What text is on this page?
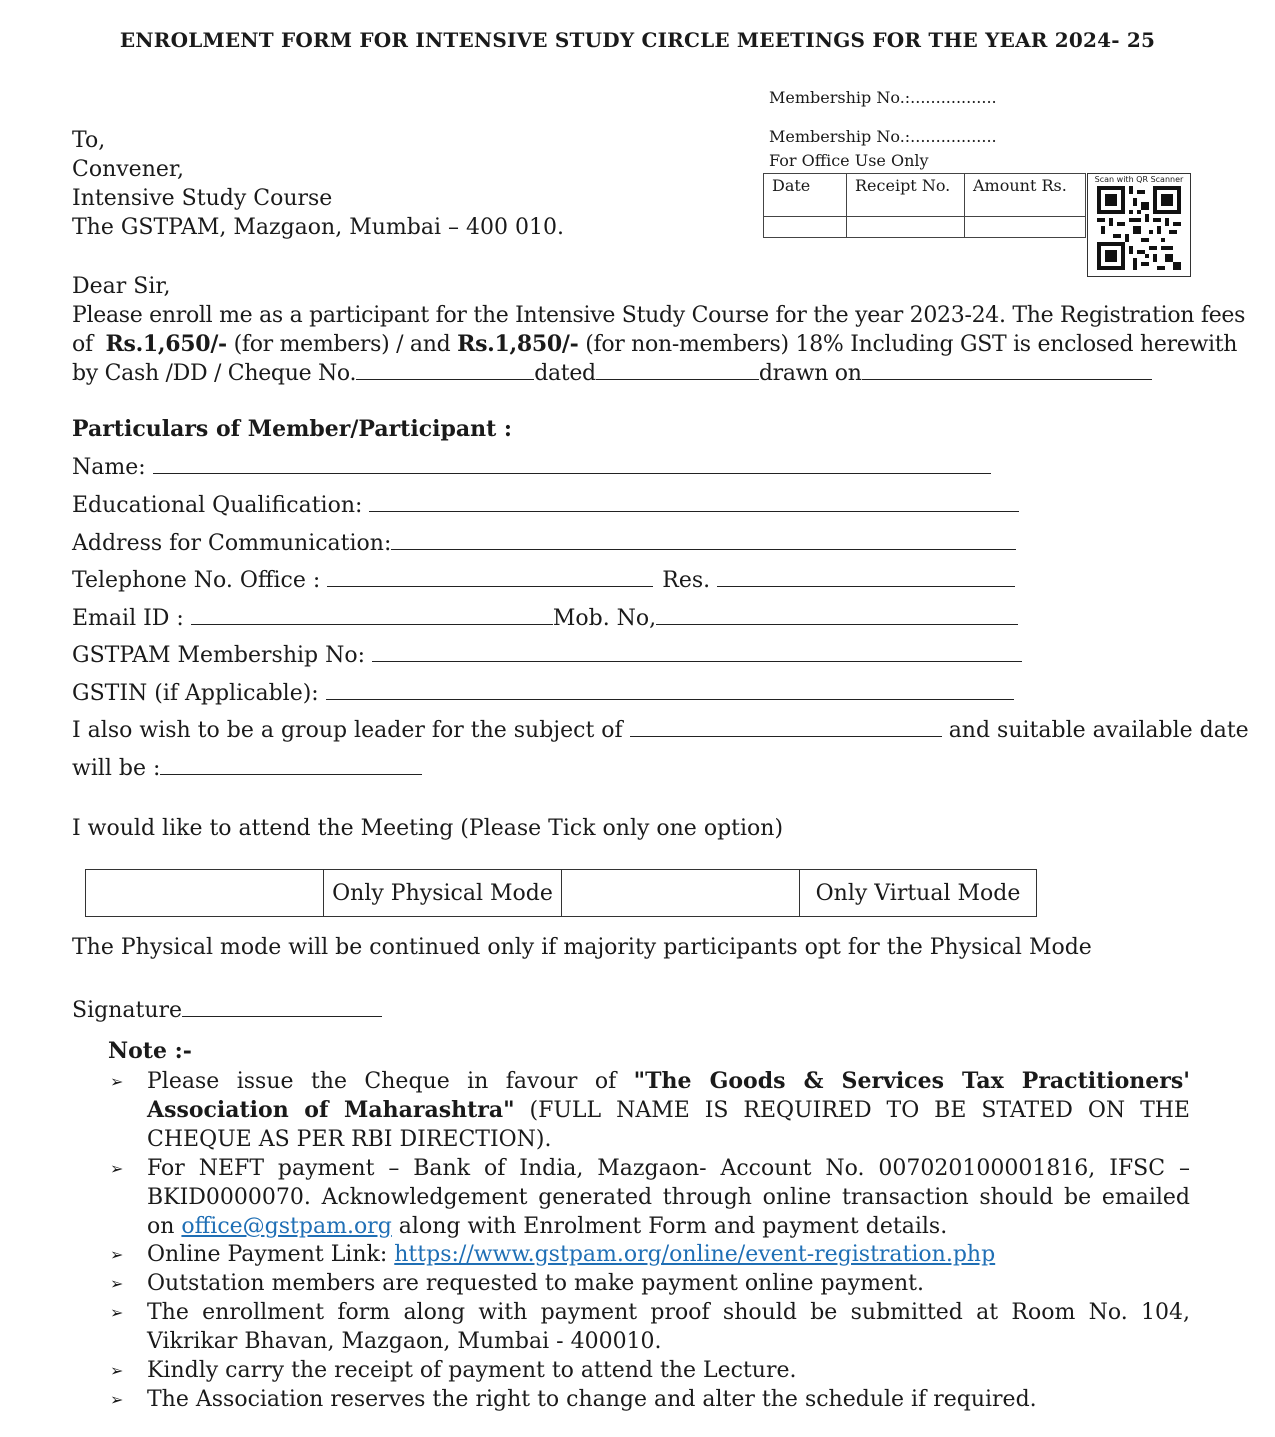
ENROLMENT FORM FOR INTENSIVE STUDY CIRCLE MEETINGS FOR THE YEAR 2024- 25
Membership No.:.................
Membership No.:.................
For Office Use Only
Date	Receipt No.	Amount Rs.
			Scan with QR Scanner
To,
Convener,
Intensive Study Course
The GSTPAM, Mazgaon, Mumbai – 400 010.
Dear Sir,
Please enroll me as a participant for the Intensive Study Course for the year 2023-24. The Registration fees
of Rs.1,650/- (for members) / and Rs.1,850/- (for non-members) 18% Including GST is enclosed herewith
by Cash /DD / Cheque No.	dated	drawn on
Particulars of Member/Participant :
Name:
Educational Qualification:
Address for Communication:
Telephone No. Office :	Res.
Email ID :	Mob. No,
GSTPAM Membership No:
GSTIN (if Applicable):
I also wish to be a group leader for the subject of	and suitable available date
will be :
I would like to attend the Meeting (Please Tick only one option)
Only Physical Mode	Only Virtual Mode
The Physical mode will be continued only if majority participants opt for the Physical Mode
Signature
Note :-
➢ Please issue the Cheque in favour of "The Goods & Services Tax Practitioners' Association of Maharashtra" (FULL NAME IS REQUIRED TO BE STATED ON THE CHEQUE AS PER RBI DIRECTION).
➢ For NEFT payment – Bank of India, Mazgaon- Account No. 007020100001816, IFSC – BKID0000070. Acknowledgement generated through online transaction should be emailed on office@gstpam.org along with Enrolment Form and payment details.
➢ Online Payment Link: https://www.gstpam.org/online/event-registration.php
➢ Outstation members are requested to make payment online payment.
➢ The enrollment form along with payment proof should be submitted at Room No. 104, Vikrikar Bhavan, Mazgaon, Mumbai - 400010.
➢ Kindly carry the receipt of payment to attend the Lecture.
➢ The Association reserves the right to change and alter the schedule if required.
